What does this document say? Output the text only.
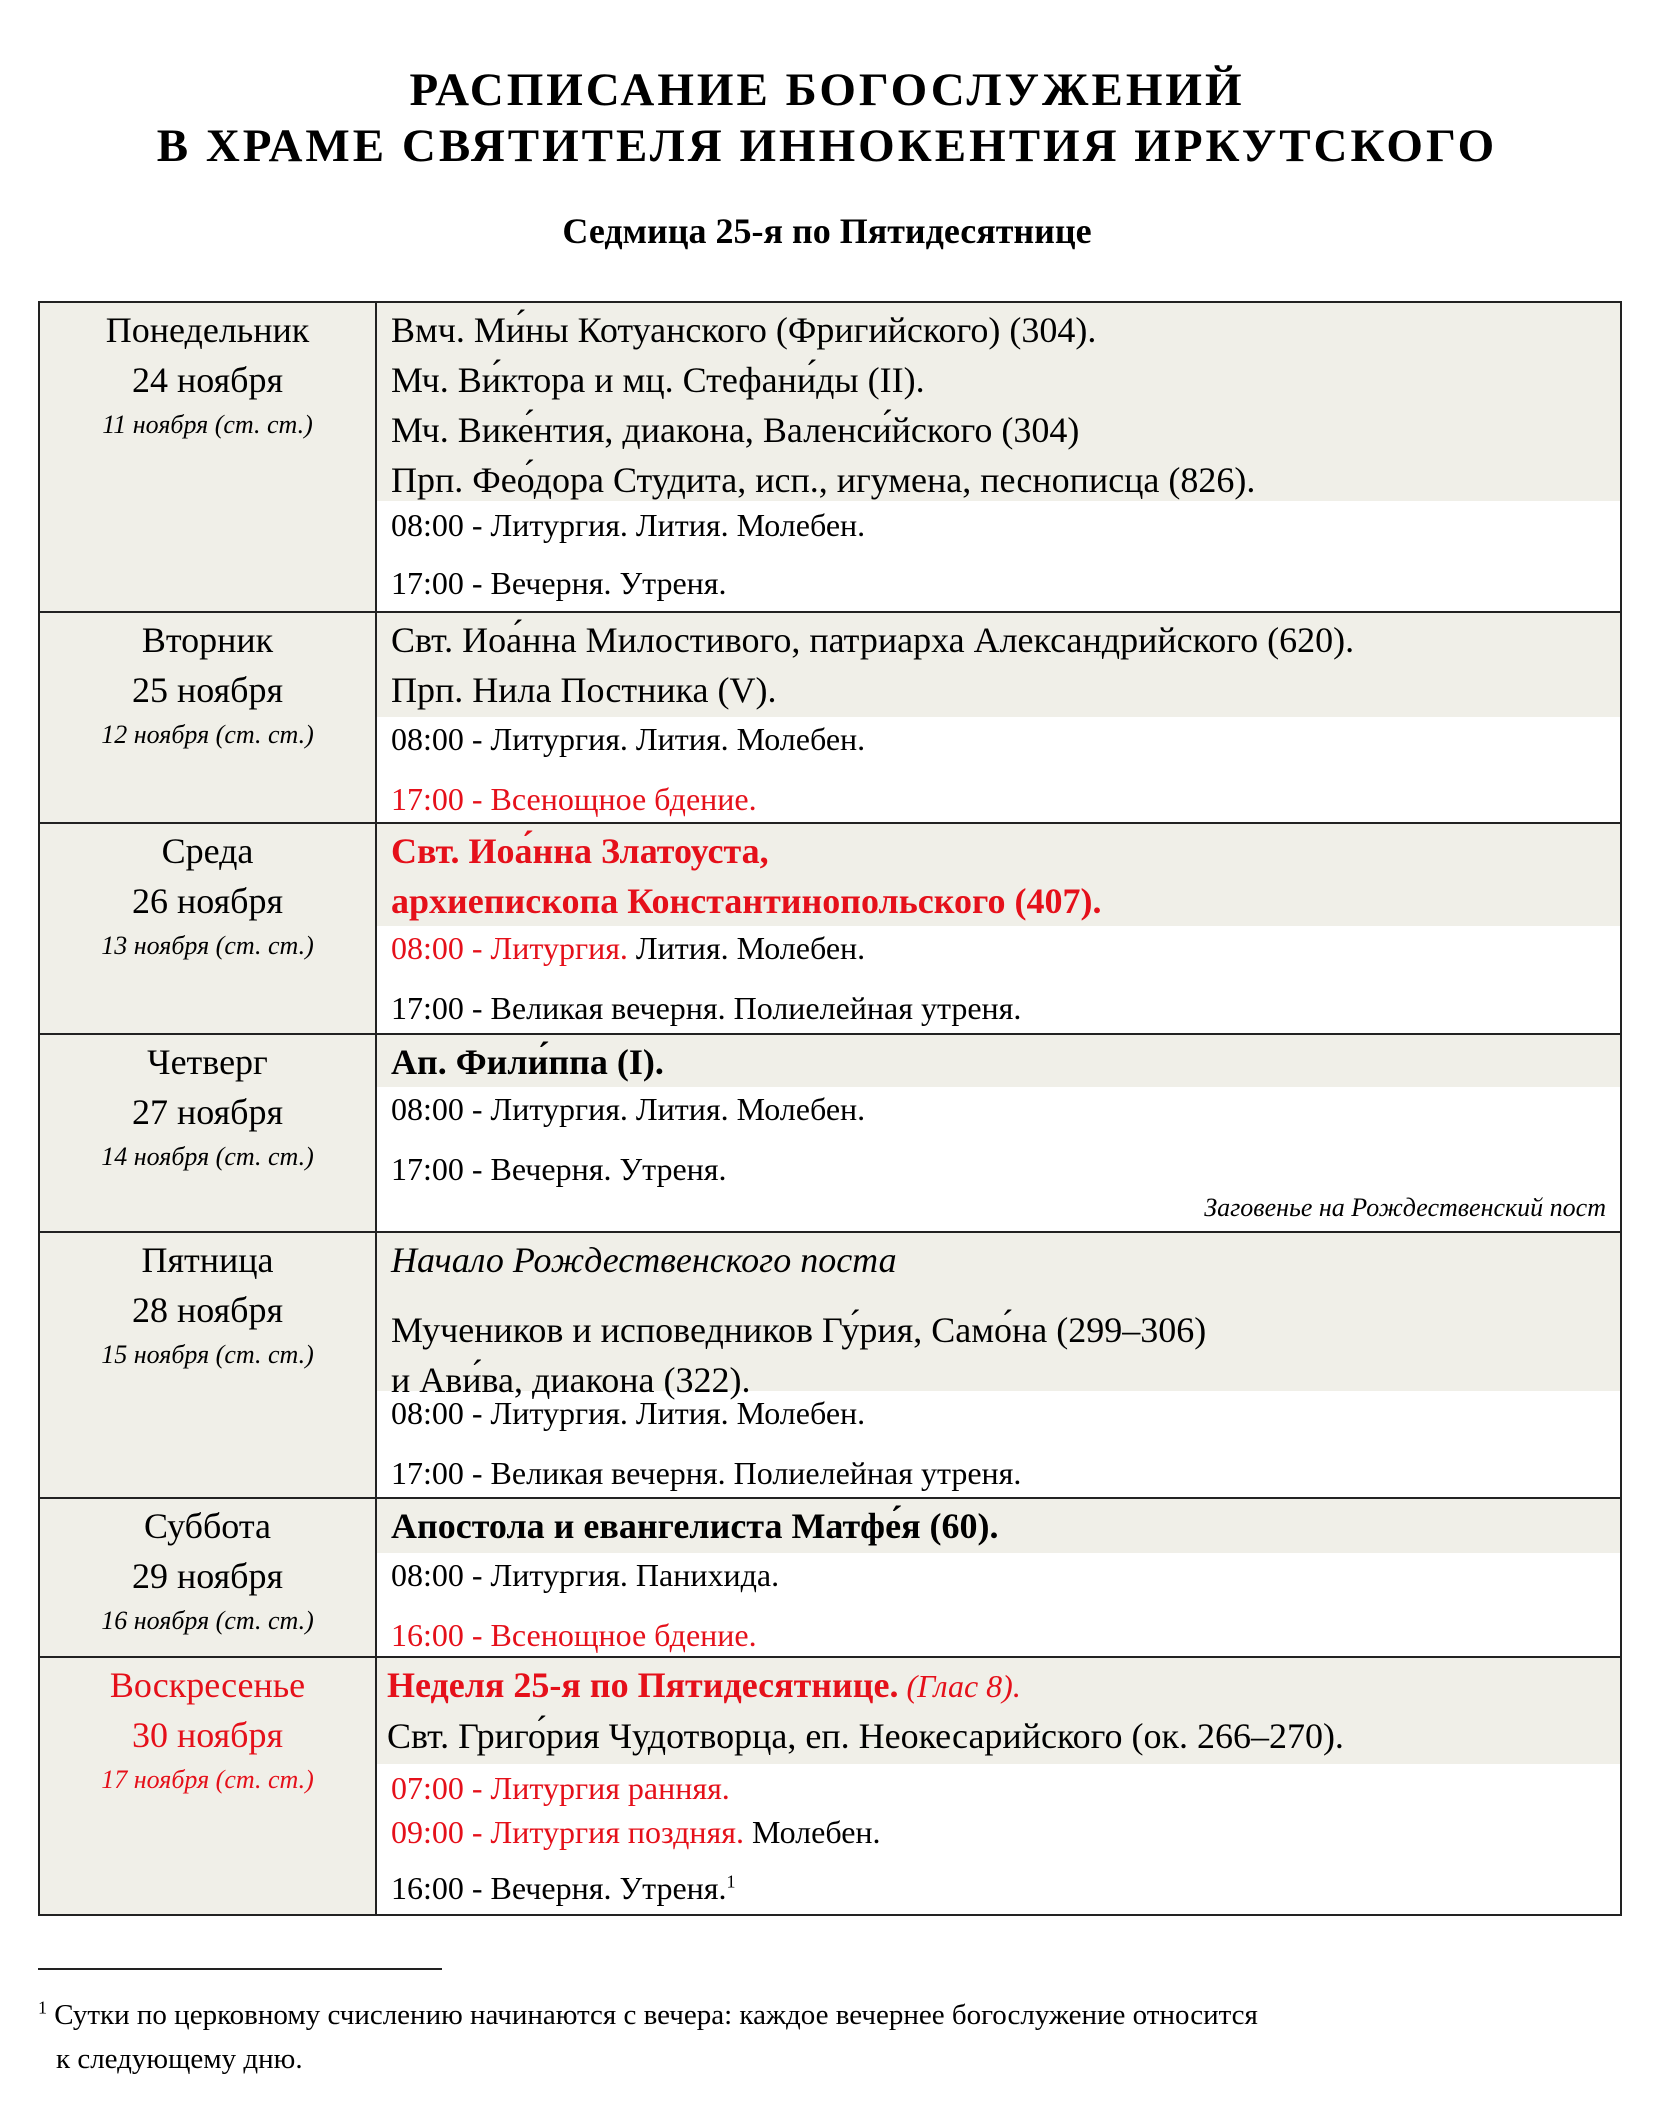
РАСПИСАНИЕ БОГОСЛУЖЕНИЙ
В ХРАМЕ СВЯТИТЕЛЯ ИННОКЕНТИЯ ИРКУТСКОГО
Седмица 25-я по Пятидесятнице
Понедельник
24 ноября
11 ноября (ст. ст.)
Вмч. Ми́ны Котуанского (Фригийского) (304).
Мч. Ви́ктора и мц. Стефани́ды (II).
Мч. Вике́нтия, диакона, Валенси́йского (304)
Прп. Фео́дора Студита, исп., игумена, песнописца (826).
08:00 - Литургия. Лития. Молебен.
17:00 - Вечерня. Утреня.
Вторник
25 ноября
12 ноября (ст. ст.)
Свт. Иоа́нна Милостивого, патриарха Александрийского (620).
Прп. Нила Постника (V).
08:00 - Литургия. Лития. Молебен.
17:00 - Всенощное бдение.
Среда
26 ноября
13 ноября (ст. ст.)
Свт. Иоа́нна Златоуста,
архиепископа Константинопольского (407).
08:00 - Литургия. Лития. Молебен.
17:00 - Великая вечерня. Полиелейная утреня.
Четверг
27 ноября
14 ноября (ст. ст.)
Ап. Фили́ппа (I).
08:00 - Литургия. Лития. Молебен.
17:00 - Вечерня. Утреня.
Заговенье на Рождественский пост
Пятница
28 ноября
15 ноября (ст. ст.)
Начало Рождественского поста
Мучеников и исповедников Гу́рия, Само́на (299–306)
и Ави́ва, диакона (322).
08:00 - Литургия. Лития. Молебен.
17:00 - Великая вечерня. Полиелейная утреня.
Суббота
29 ноября
16 ноября (ст. ст.)
Апостола и евангелиста Матфе́я (60).
08:00 - Литургия. Панихида.
16:00 - Всенощное бдение.
Воскресенье
30 ноября
17 ноября (ст. ст.)
Неделя 25-я по Пятидесятнице. (Глас 8).
Свт. Григо́рия Чудотворца, еп. Неокесарийского (ок. 266–270).
07:00 - Литургия ранняя.
09:00 - Литургия поздняя. Молебен.
16:00 - Вечерня. Утреня.$^1$
$^1$ Сутки по церковному счислению начинаются с вечера: каждое вечернее богослужение относится
к следующему дню.
